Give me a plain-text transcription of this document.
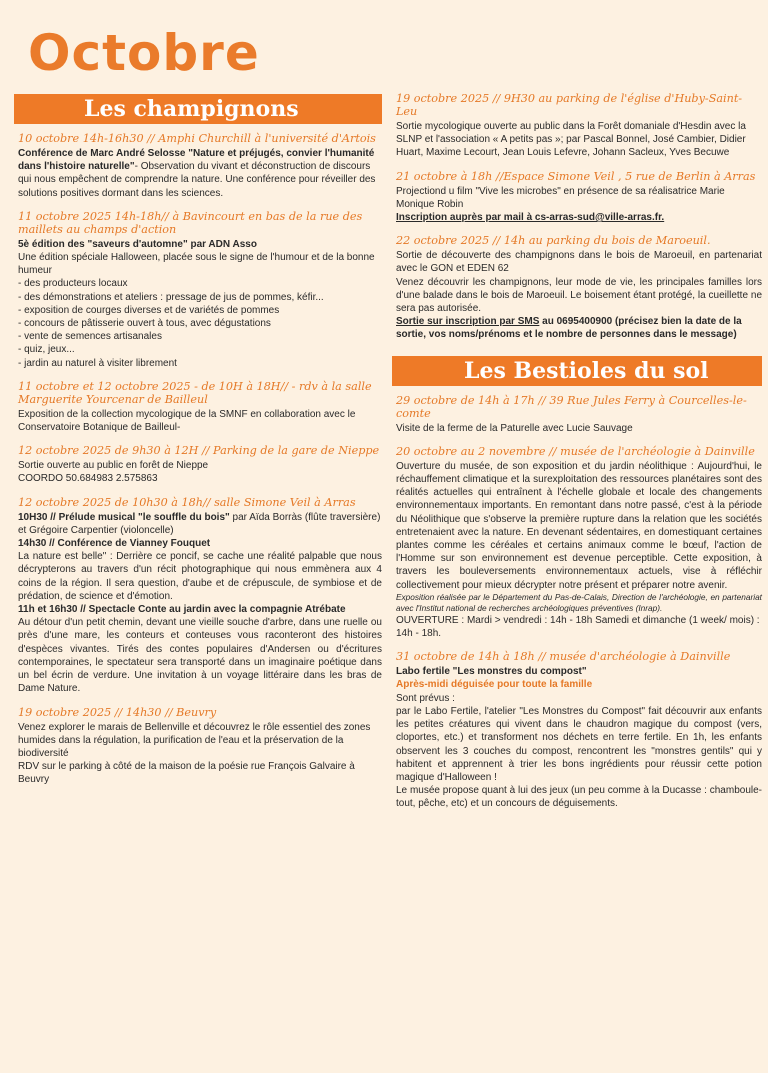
Octobre
Les champignons
10 octobre 14h-16h30 // Amphi Churchill à l'université d'Artois

Conférence de Marc André Selosse "Nature et préjugés, convier l'humanité dans l'histoire naturelle"- Observation du vivant et déconstruction de discours qui nous empêchent de comprendre la nature. Une conférence pour réveiller des solutions positives dormant dans les sciences.

11 octobre 2025 14h-18h// à Bavincourt en bas de la rue des maillets au champs d'action

5è édition des "saveurs d'automne" par ADN Asso

Une édition spéciale Halloween, placée sous le signe de l'humour et de la bonne humeur

- des producteurs locaux

- des démonstrations et ateliers : pressage de jus de pommes, kéfir...

- exposition de courges diverses et de variétés de pommes

- concours de pâtisserie ouvert à tous, avec dégustations

- vente de semences artisanales

- quiz, jeux...

- jardin au naturel à visiter librement

11 octobre et 12 octobre 2025 - de 10H à 18H// - rdv à la salle Marguerite Yourcenar de Bailleul

Exposition de la collection mycologique de la SMNF en collaboration avec le Conservatoire Botanique de Bailleul-

12 octobre 2025 de 9h30 à 12H // Parking de la gare de Nieppe

Sortie ouverte au public en forêt de Nieppe

COORDO 50.684983 2.575863

12 octobre 2025 de 10h30 à 18h// salle Simone Veil à Arras

10H30 // Prélude musical "le souffle du bois" par Aïda Borràs (flûte traversière) et Grégoire Carpentier (violoncelle)

14h30 // Conférence de Vianney Fouquet

La nature est belle" : Derrière ce poncif, se cache une réalité palpable que nous décrypterons au travers d'un récit photographique qui nous emmènera aux 4 coins de la région. Il sera question, d'aube et de crépuscule, de symbiose et de prédation, de science et d'émotion.

11h et 16h30 // Spectacle Conte au jardin avec la compagnie Atrébate

Au détour d'un petit chemin, devant une vieille souche d'arbre, dans une ruelle ou près d'une mare, les conteurs et conteuses vous raconteront des histoires d'espèces vivantes. Tirés des contes populaires d'Andersen ou d'écritures contemporaines, le spectateur sera transporté dans un imaginaire poétique dans un bel écrin de verdure. Une invitation à un voyage littéraire dans les bras de Dame Nature.

19 octobre 2025 // 14h30 // Beuvry

Venez explorer le marais de Bellenville et découvrez le rôle essentiel des zones humides dans la régulation, la purification de l'eau et la préservation de la biodiversité

RDV sur le parking à côté de la maison de la poésie rue François Galvaire à Beuvry

19 octobre 2025 // 9H30 au parking de l'église d'Huby-Saint-Leu

Sortie mycologique ouverte au public dans la Forêt domaniale d'Hesdin avec la SLNP et l'association « A petits pas »; par Pascal Bonnel, José Cambier, Didier Huart, Maxime Lecourt, Jean Louis Lefevre, Johann Sacleux, Yves Becuwe

21 octobre à 18h //Espace Simone Veil , 5 rue de Berlin à Arras

Projectiond u film "Vive les microbes" en présence de sa réalisatrice Marie Monique Robin

Inscription auprès par mail à cs-arras-sud@ville-arras.fr.

22 octobre 2025 // 14h au parking du bois de Maroeuil.

Sortie de découverte des champignons dans le bois de Maroeuil, en partenariat avec le GON et EDEN 62

Venez découvrir les champignons, leur mode de vie, les principales familles lors d'une balade dans le bois de Maroeuil. Le boisement étant protégé, la cueillette ne sera pas autorisée.

Sortie sur inscription par SMS au 0695400900 (précisez bien la date de la sortie, vos noms/prénoms et le nombre de personnes dans le message)

Les Bestioles du sol
29 octobre de 14h à 17h // 39 Rue Jules Ferry à Courcelles-le-comte

Visite de la ferme de la Paturelle avec Lucie Sauvage

20 octobre au 2 novembre // musée de l'archéologie à Dainville

Ouverture du musée, de son exposition et du jardin néolithique : Aujourd'hui, le réchauffement climatique et la surexploitation des ressources planétaires sont des réalités actuelles qui entraînent à l'échelle globale et locale des changements environnementaux importants. En remontant dans notre passé, c'est à la période du Néolithique que s'observe la première rupture dans la relation que les sociétés entretenaient avec la nature. En devenant sédentaires, en domestiquant certaines plantes comme les céréales et certains animaux comme le bœuf, l'action de l'Homme sur son environnement est devenue perceptible. Cette exposition, à travers les bouleversements environnementaux actuels, vise à réfléchir collectivement pour mieux décrypter notre présent et préparer notre avenir.

Exposition réalisée par le Département du Pas-de-Calais, Direction de l'archéologie, en partenariat avec l'Institut national de recherches archéologiques préventives (Inrap).

OUVERTURE : Mardi > vendredi : 14h - 18h Samedi et dimanche (1 week/ mois) : 14h - 18h.

31 octobre de 14h à 18h // musée d'archéologie à Dainville

Labo fertile "Les monstres du compost"

Après-midi déguisée pour toute la famille

Sont prévus :

par le Labo Fertile, l'atelier "Les Monstres du Compost" fait découvrir aux enfants les petites créatures qui vivent dans le chaudron magique du compost (vers, cloportes, etc.) et transforment nos déchets en terre fertile. En 1h, les enfants observent les 3 couches du compost, rencontrent les "monstres gentils" qui y habitent et apprennent à trier les bons ingrédients pour réussir cette potion magique d'Halloween !

Le musée propose quant à lui des jeux (un peu comme à la Ducasse : chamboule-tout, pêche, etc) et un concours de déguisements.
